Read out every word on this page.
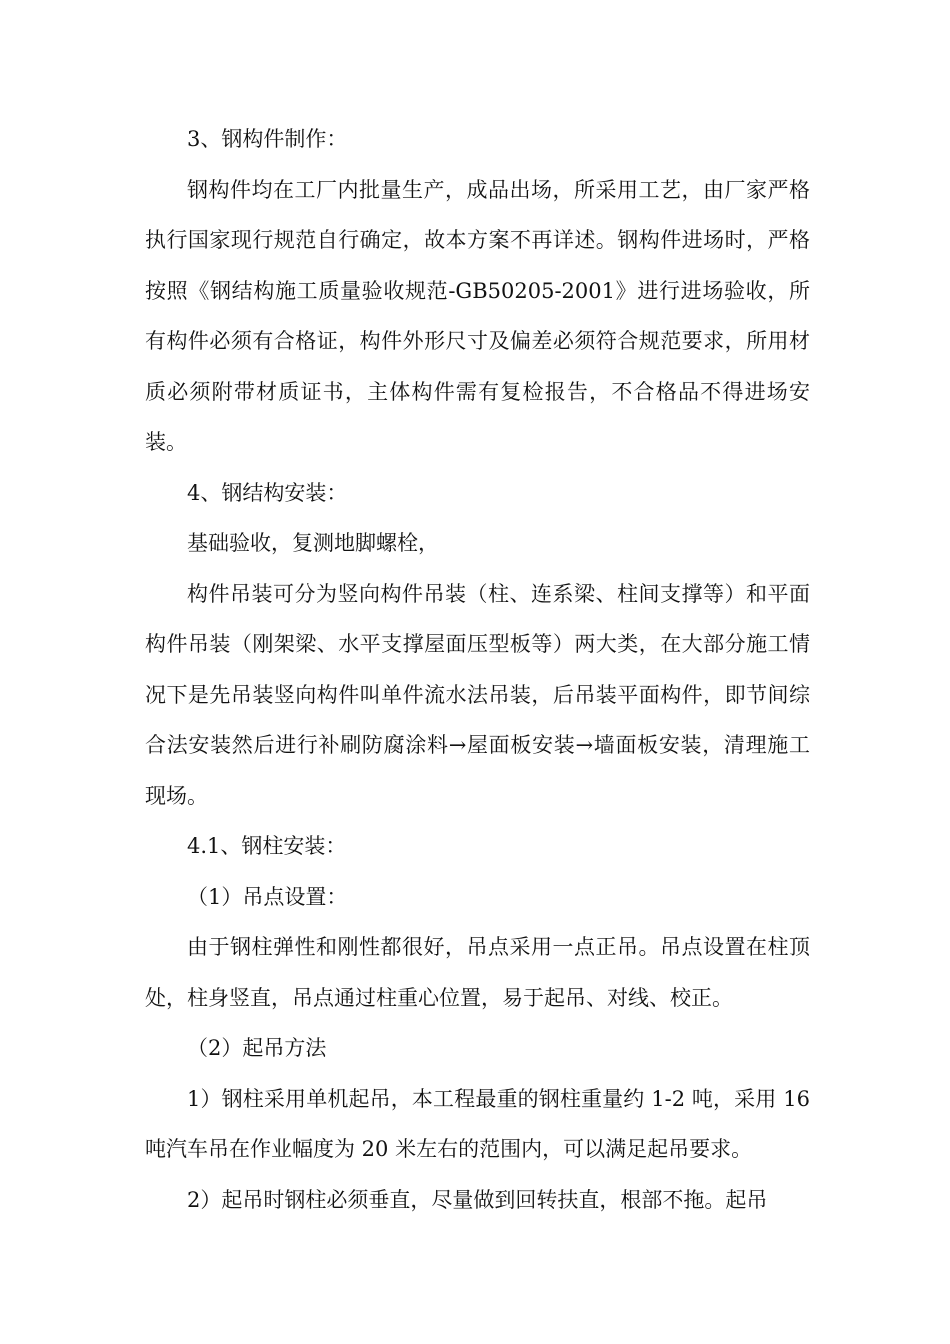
3、钢构件制作：

钢构件均在工厂内批量生产，成品出场，所采用工艺，由厂家严格执行国家现行规范自行确定，故本方案不再详述。钢构件进场时，严格按照《钢结构施工质量验收规范-GB50205-2001》进行进场验收，所有构件必须有合格证，构件外形尺寸及偏差必须符合规范要求，所用材质必须附带材质证书，主体构件需有复检报告，不合格品不得进场安装。

4、钢结构安装：

基础验收，复测地脚螺栓，

构件吊装可分为竖向构件吊装（柱、连系梁、柱间支撑等）和平面构件吊装（刚架梁、水平支撑屋面压型板等）两大类，在大部分施工情况下是先吊装竖向构件叫单件流水法吊装，后吊装平面构件，即节间综合法安装然后进行补刷防腐涂料→屋面板安装→墙面板安装，清理施工现场。

4.1、钢柱安装：

（1）吊点设置：

由于钢柱弹性和刚性都很好，吊点采用一点正吊。吊点设置在柱顶处，柱身竖直，吊点通过柱重心位置，易于起吊、对线、校正。

（2）起吊方法

1）钢柱采用单机起吊，本工程最重的钢柱重量约 1-2 吨，采用 16 吨汽车吊在作业幅度为 20 米左右的范围内，可以满足起吊要求。

2）起吊时钢柱必须垂直，尽量做到回转扶直，根部不拖。起吊
